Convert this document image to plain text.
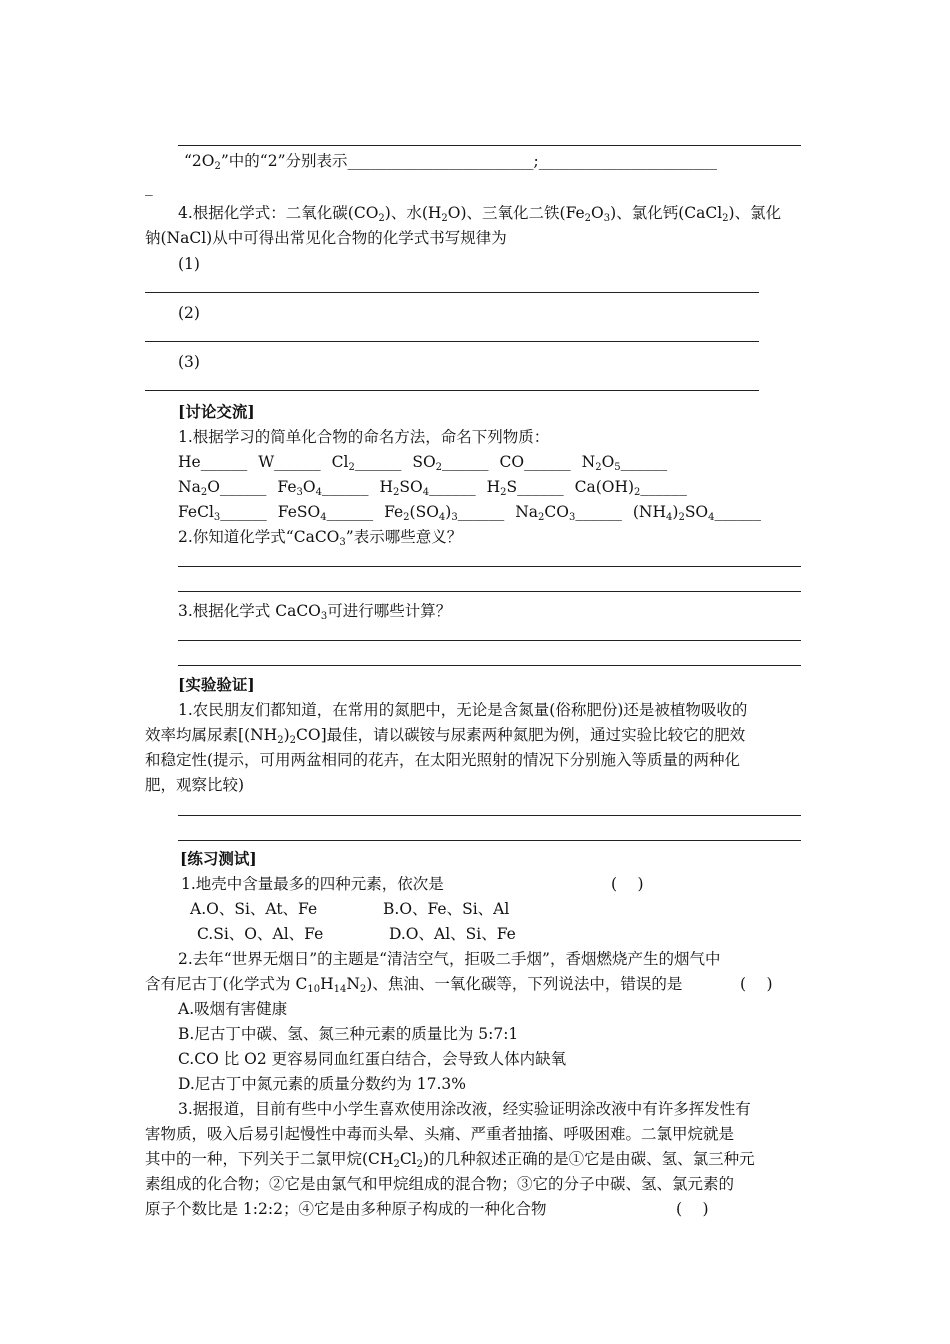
“$2O_2$”中的“2”分别表示________________________;_______________________
_
4.根据化学式：二氧化碳$(CO_2)$、水$(H_2O)$、三氧化二铁$(Fe_2O_3)$、氯化钙(CaCl$_2$)、氯化
钠(NaCl)从中可得出常见化合物的化学式书写规律为
(1)
(2)
(3)
[讨论交流]
1.根据学习的简单化合物的命名方法，命名下列物质：
He______ W______ $Cl_2\_\_\_\_\_\_$ $SO_2\_\_\_\_\_\_$ CO______ $N_2O_5\_\_\_\_\_\_$
$Na_2O\_\_\_\_\_\_$ $Fe_3O_4\_\_\_\_\_\_$ $H_2SO_4\_\_\_\_\_\_$ $H_2S\_\_\_\_\_\_$ $Ca(OH)_2\_\_\_\_\_\_$
FeCl$_3$______ FeSO$_4$______ $Fe_2(SO_4)_3\_\_\_\_\_\_$ $Na_2CO_3\_\_\_\_\_\_$ $(NH_4)_2SO_4\_\_\_\_\_\_$
2.你知道化学式“CaCO$_3$”表示哪些意义？
3.根据化学式 CaCO$_3$可进行哪些计算？
[实验验证]
1.农民朋友们都知道，在常用的氮肥中，无论是含氮量(俗称肥份)还是被植物吸收的
效率均属尿素$[(NH_2)_2CO]$最佳，请以碳铵与尿素两种氮肥为例，通过实验比较它的肥效
和稳定性(提示，可用两盆相同的花卉，在太阳光照射的情况下分别施入等质量的两种化
肥，观察比较)
[练习测试]
1.地壳中含量最多的四种元素，依次是	(　 )
A.O、Si、At、Fe	B.O、Fe、Si、Al
C.Si、O、Al、Fe	D.O、Al、Si、Fe
2.去年“世界无烟日”的主题是“清洁空气，拒吸二手烟”，香烟燃烧产生的烟气中
含有尼古丁(化学式为 $C_{10}H_{14}N_2$)、焦油、一氧化碳等，下列说法中，错误的是	(　 )
A.吸烟有害健康
B.尼古丁中碳、氢、氮三种元素的质量比为 5:7:1
C.CO 比 O2 更容易同血红蛋白结合，会导致人体内缺氧
D.尼古丁中氮元素的质量分数约为 17.3%
3.据报道，目前有些中小学生喜欢使用涂改液，经实验证明涂改液中有许多挥发性有
害物质，吸入后易引起慢性中毒而头晕、头痛、严重者抽搐、呼吸困难。二氯甲烷就是
其中的一种，下列关于二氯甲烷$(CH_2Cl_2)$的几种叙述正确的是①它是由碳、氢、氯三种元
素组成的化合物；②它是由氯气和甲烷组成的混合物；③它的分子中碳、氢、氯元素的
原子个数比是 1:2:2；④它是由多种原子构成的一种化合物	(　 )
